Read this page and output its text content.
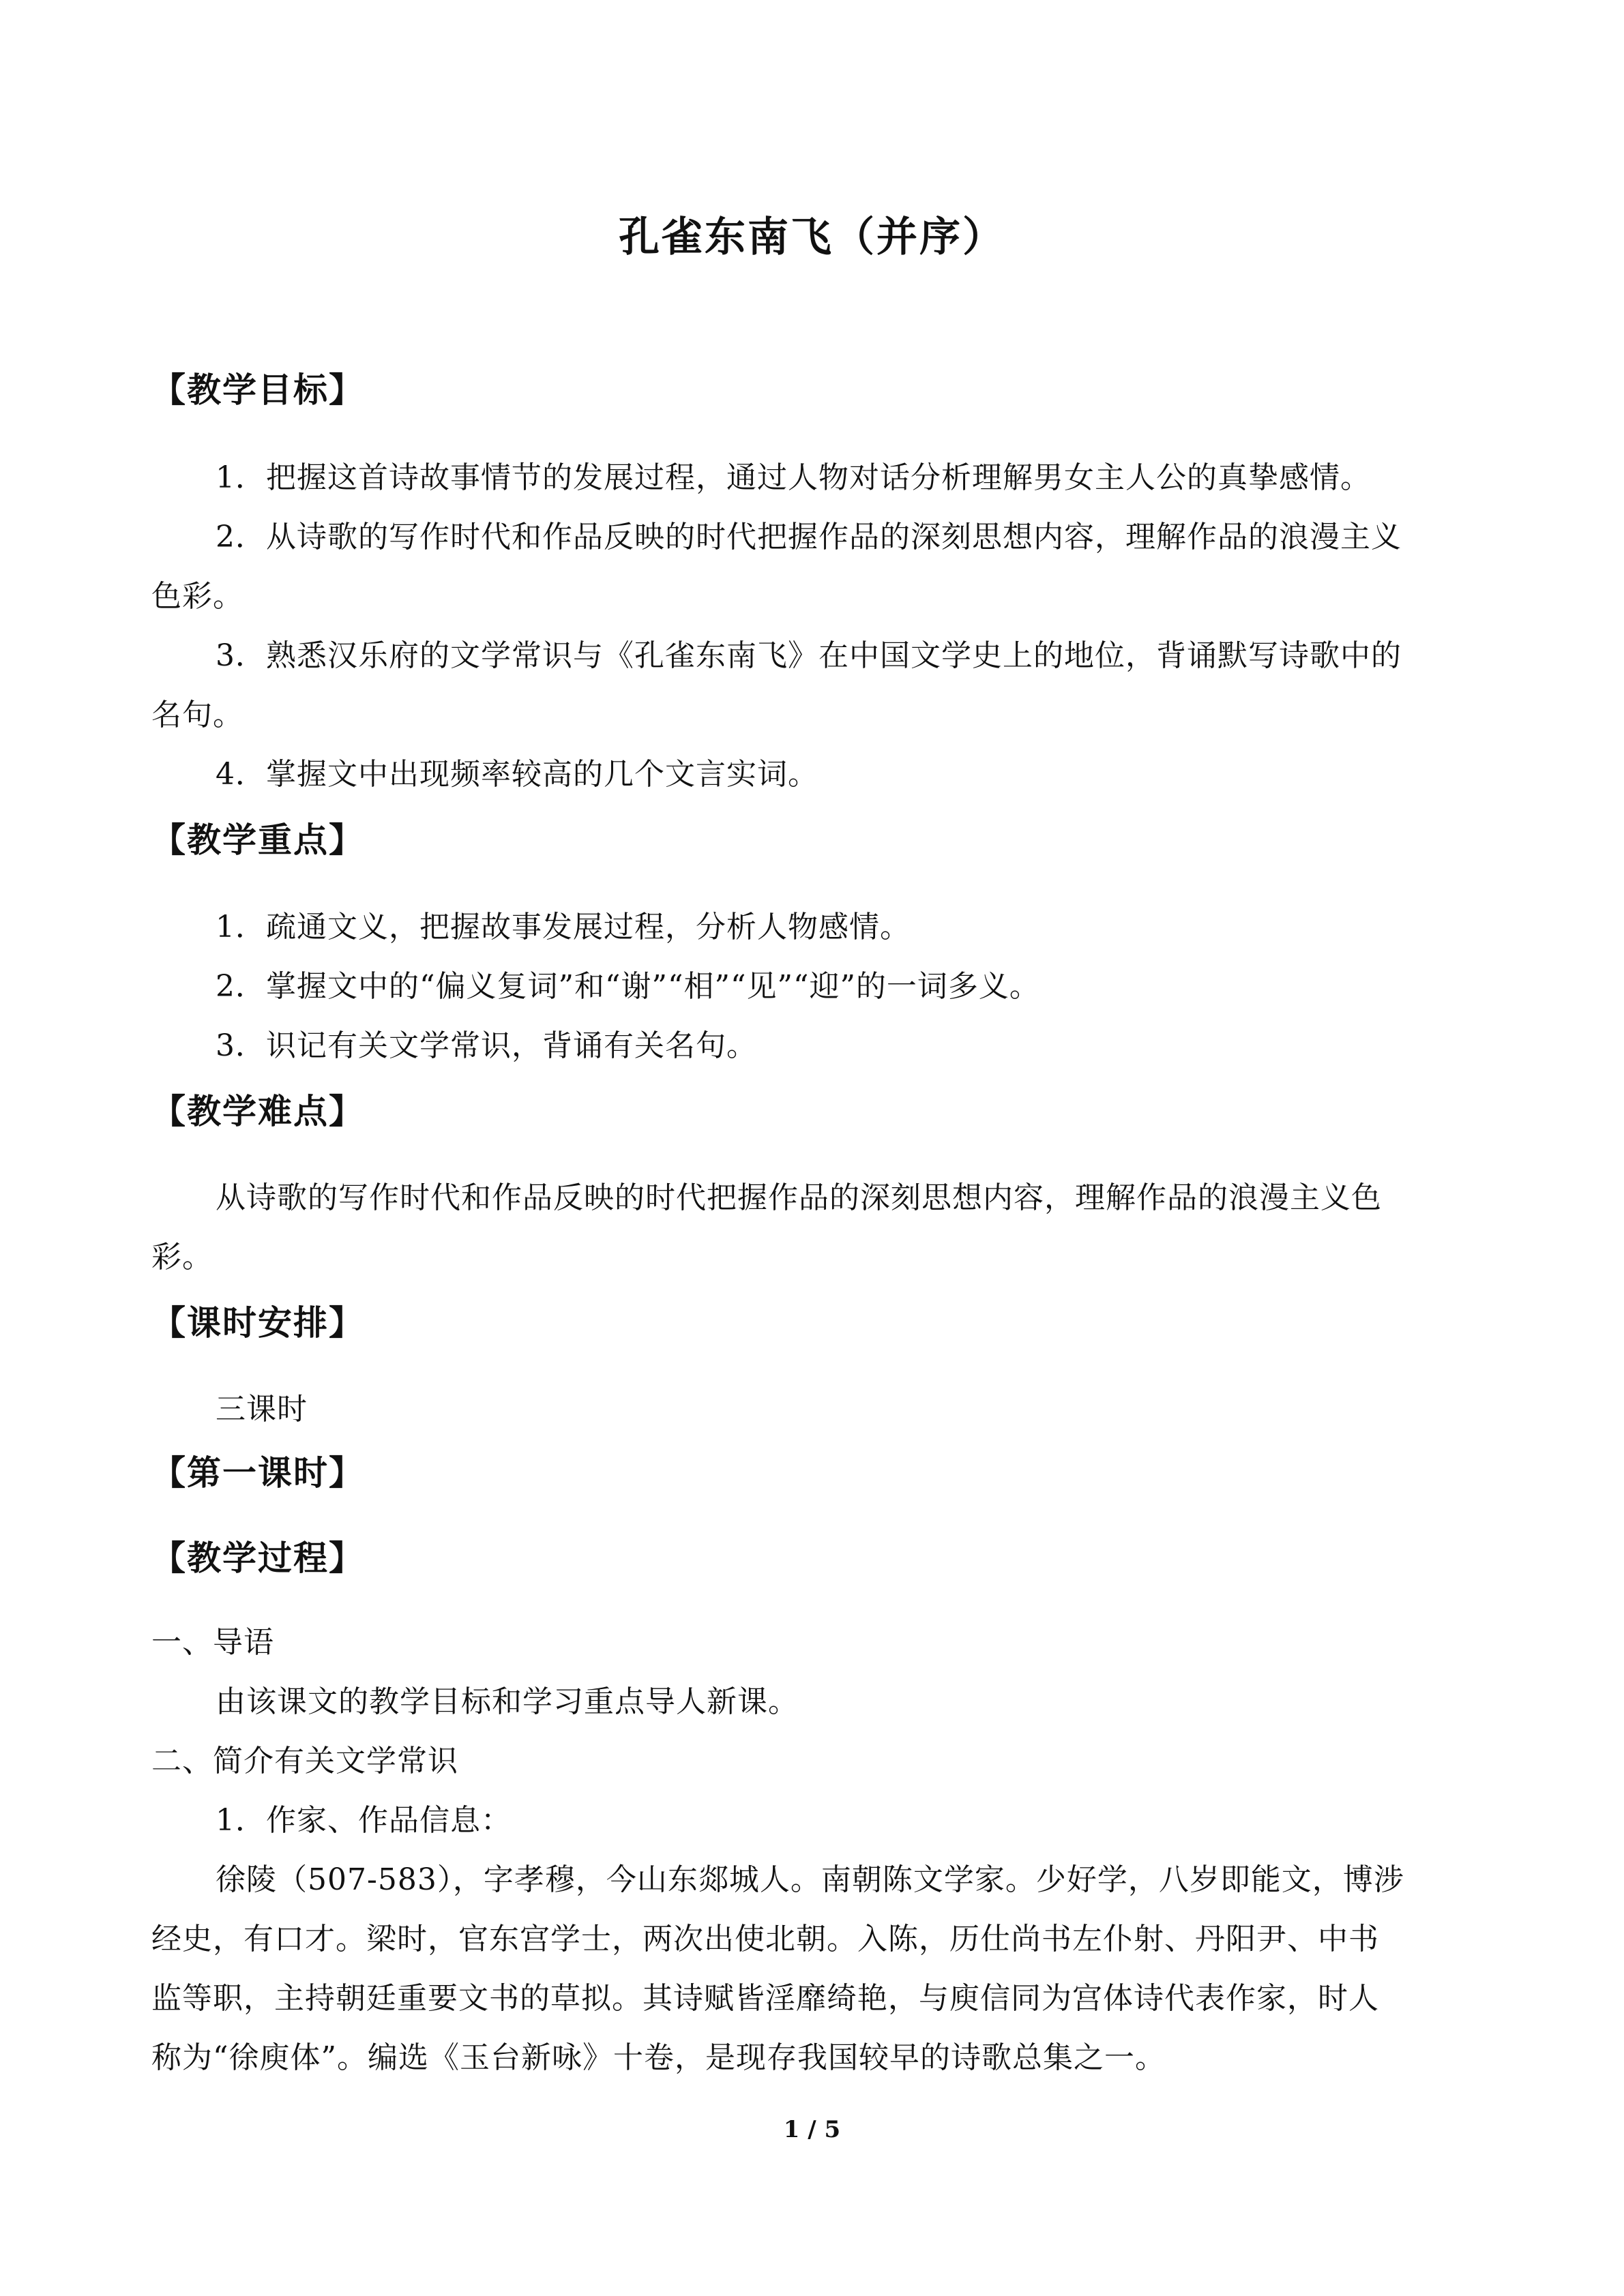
孔雀东南飞（并序）
【教学目标】
1．把握这首诗故事情节的发展过程，通过人物对话分析理解男女主人公的真挚感情。
2．从诗歌的写作时代和作品反映的时代把握作品的深刻思想内容，理解作品的浪漫主义
色彩。
3．熟悉汉乐府的文学常识与《孔雀东南飞》在中国文学史上的地位，背诵默写诗歌中的
名句。
4．掌握文中出现频率较高的几个文言实词。
【教学重点】
1．疏通文义，把握故事发展过程，分析人物感情。
2．掌握文中的“偏义复词”和“谢”“相”“见”“迎”的一词多义。
3．识记有关文学常识，背诵有关名句。
【教学难点】
从诗歌的写作时代和作品反映的时代把握作品的深刻思想内容，理解作品的浪漫主义色
彩。
【课时安排】
三课时
【第一课时】
【教学过程】
一、导语
由该课文的教学目标和学习重点导人新课。
二、简介有关文学常识
1．作家、作品信息：
徐陵（507-583），字孝穆，今山东郯城人。南朝陈文学家。少好学，八岁即能文，博涉
经史，有口才。梁时，官东宫学士，两次出使北朝。入陈，历仕尚书左仆射、丹阳尹、中书
监等职，主持朝廷重要文书的草拟。其诗赋皆淫靡绮艳，与庾信同为宫体诗代表作家，时人
称为“徐庾体”。编选《玉台新咏》十卷，是现存我国较早的诗歌总集之一。
1 / 5
